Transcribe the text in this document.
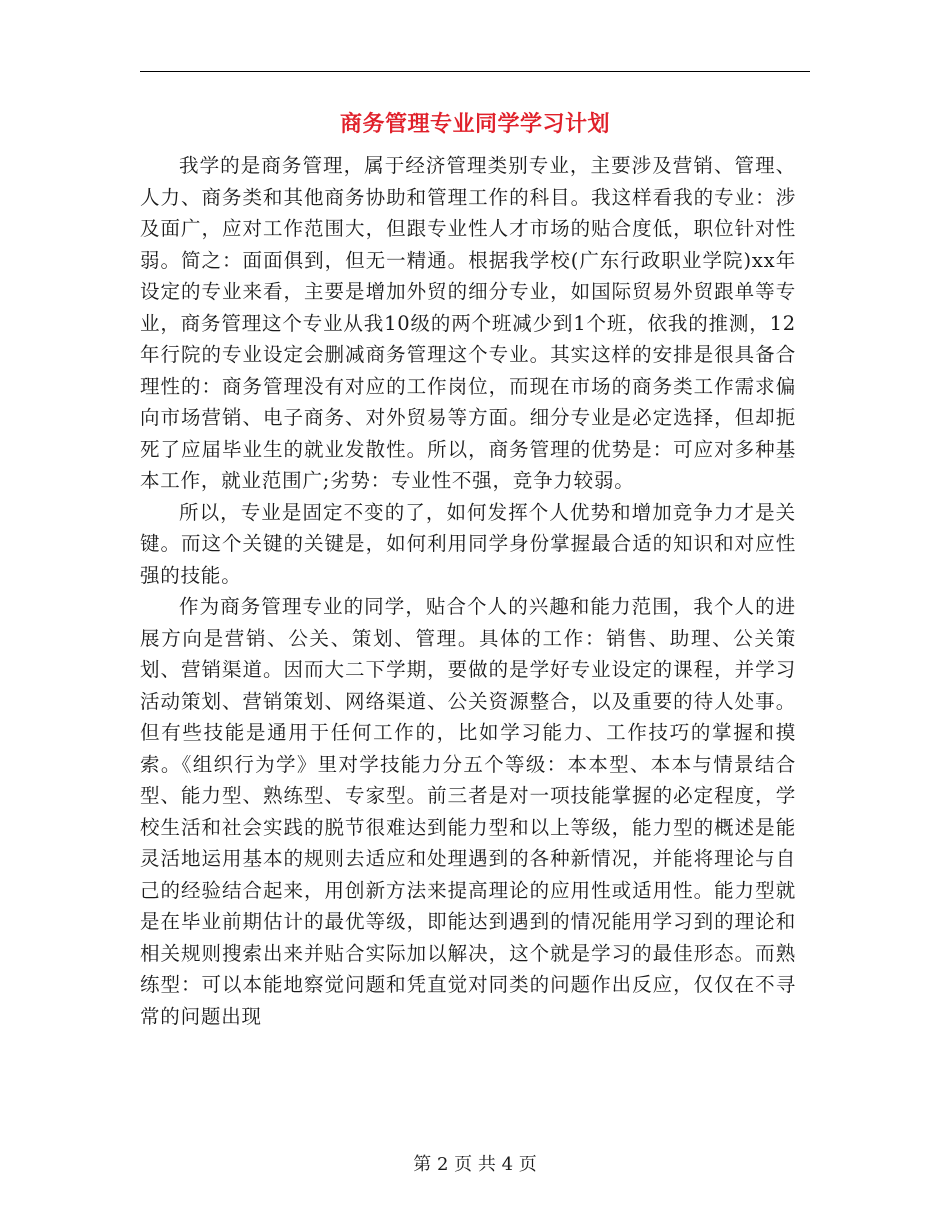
商务管理专业同学学习计划

我学的是商务管理，属于经济管理类别专业，主要涉及营销、管理、人力、商务类和其他商务协助和管理工作的科目。我这样看我的专业：涉及面广，应对工作范围大，但跟专业性人才市场的贴合度低，职位针对性弱。简之：面面俱到，但无一精通。根据我学校(广东行政职业学院)xx年设定的专业来看，主要是增加外贸的细分专业，如国际贸易外贸跟单等专业，商务管理这个专业从我10级的两个班减少到1个班，依我的推测，12年行院的专业设定会删减商务管理这个专业。其实这样的安排是很具备合理性的：商务管理没有对应的工作岗位，而现在市场的商务类工作需求偏向市场营销、电子商务、对外贸易等方面。细分专业是必定选择，但却扼死了应届毕业生的就业发散性。所以，商务管理的优势是：可应对多种基本工作，就业范围广;劣势：专业性不强，竞争力较弱。

所以，专业是固定不变的了，如何发挥个人优势和增加竞争力才是关键。而这个关键的关键是，如何利用同学身份掌握最合适的知识和对应性强的技能。

作为商务管理专业的同学，贴合个人的兴趣和能力范围，我个人的进展方向是营销、公关、策划、管理。具体的工作：销售、助理、公关策划、营销渠道。因而大二下学期，要做的是学好专业设定的课程，并学习活动策划、营销策划、网络渠道、公关资源整合，以及重要的待人处事。但有些技能是通用于任何工作的，比如学习能力、工作技巧的掌握和摸索。《组织行为学》里对学技能力分五个等级：本本型、本本与情景结合型、能力型、熟练型、专家型。前三者是对一项技能掌握的必定程度，学校生活和社会实践的脱节很难达到能力型和以上等级，能力型的概述是能灵活地运用基本的规则去适应和处理遇到的各种新情况，并能将理论与自己的经验结合起来，用创新方法来提高理论的应用性或适用性。能力型就是在毕业前期估计的最优等级，即能达到遇到的情况能用学习到的理论和相关规则搜索出来并贴合实际加以解决，这个就是学习的最佳形态。而熟练型：可以本能地察觉问题和凭直觉对同类的问题作出反应，仅仅在不寻常的问题出现

第 2 页 共 4 页
